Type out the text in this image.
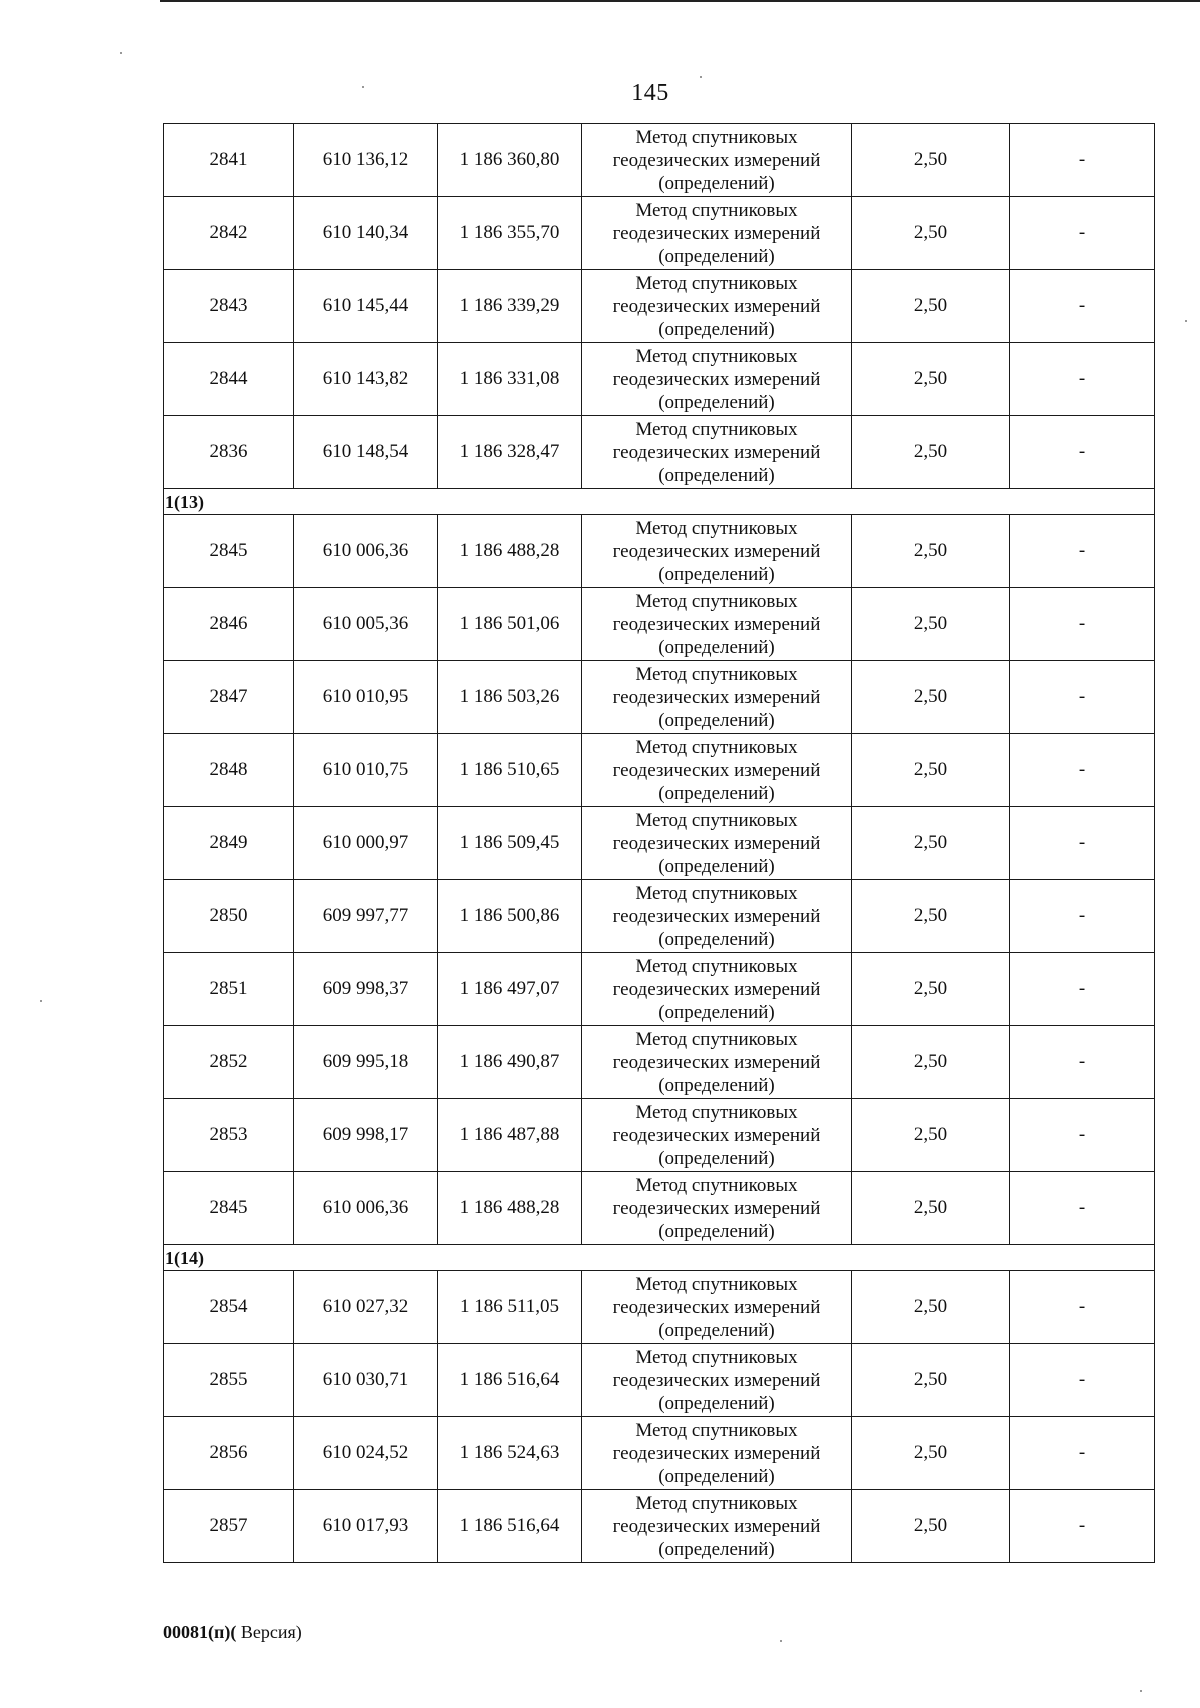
145
2841	610 136,12	1 186 360,80	Метод спутниковых
геодезических измерений
(определений)	2,50	-
2842	610 140,34	1 186 355,70	Метод спутниковых
геодезических измерений
(определений)	2,50	-
2843	610 145,44	1 186 339,29	Метод спутниковых
геодезических измерений
(определений)	2,50	-
2844	610 143,82	1 186 331,08	Метод спутниковых
геодезических измерений
(определений)	2,50	-
2836	610 148,54	1 186 328,47	Метод спутниковых
геодезических измерений
(определений)	2,50	-
1(13)					
2845	610 006,36	1 186 488,28	Метод спутниковых
геодезических измерений
(определений)	2,50	-
2846	610 005,36	1 186 501,06	Метод спутниковых
геодезических измерений
(определений)	2,50	-
2847	610 010,95	1 186 503,26	Метод спутниковых
геодезических измерений
(определений)	2,50	-
2848	610 010,75	1 186 510,65	Метод спутниковых
геодезических измерений
(определений)	2,50	-
2849	610 000,97	1 186 509,45	Метод спутниковых
геодезических измерений
(определений)	2,50	-
2850	609 997,77	1 186 500,86	Метод спутниковых
геодезических измерений
(определений)	2,50	-
2851	609 998,37	1 186 497,07	Метод спутниковых
геодезических измерений
(определений)	2,50	-
2852	609 995,18	1 186 490,87	Метод спутниковых
геодезических измерений
(определений)	2,50	-
2853	609 998,17	1 186 487,88	Метод спутниковых
геодезических измерений
(определений)	2,50	-
2845	610 006,36	1 186 488,28	Метод спутниковых
геодезических измерений
(определений)	2,50	-
1(14)					
2854	610 027,32	1 186 511,05	Метод спутниковых
геодезических измерений
(определений)	2,50	-
2855	610 030,71	1 186 516,64	Метод спутниковых
геодезических измерений
(определений)	2,50	-
2856	610 024,52	1 186 524,63	Метод спутниковых
геодезических измерений
(определений)	2,50	-
2857	610 017,93	1 186 516,64	Метод спутниковых
геодезических измерений
(определений)	2,50	-
00081(п)( Версия)
